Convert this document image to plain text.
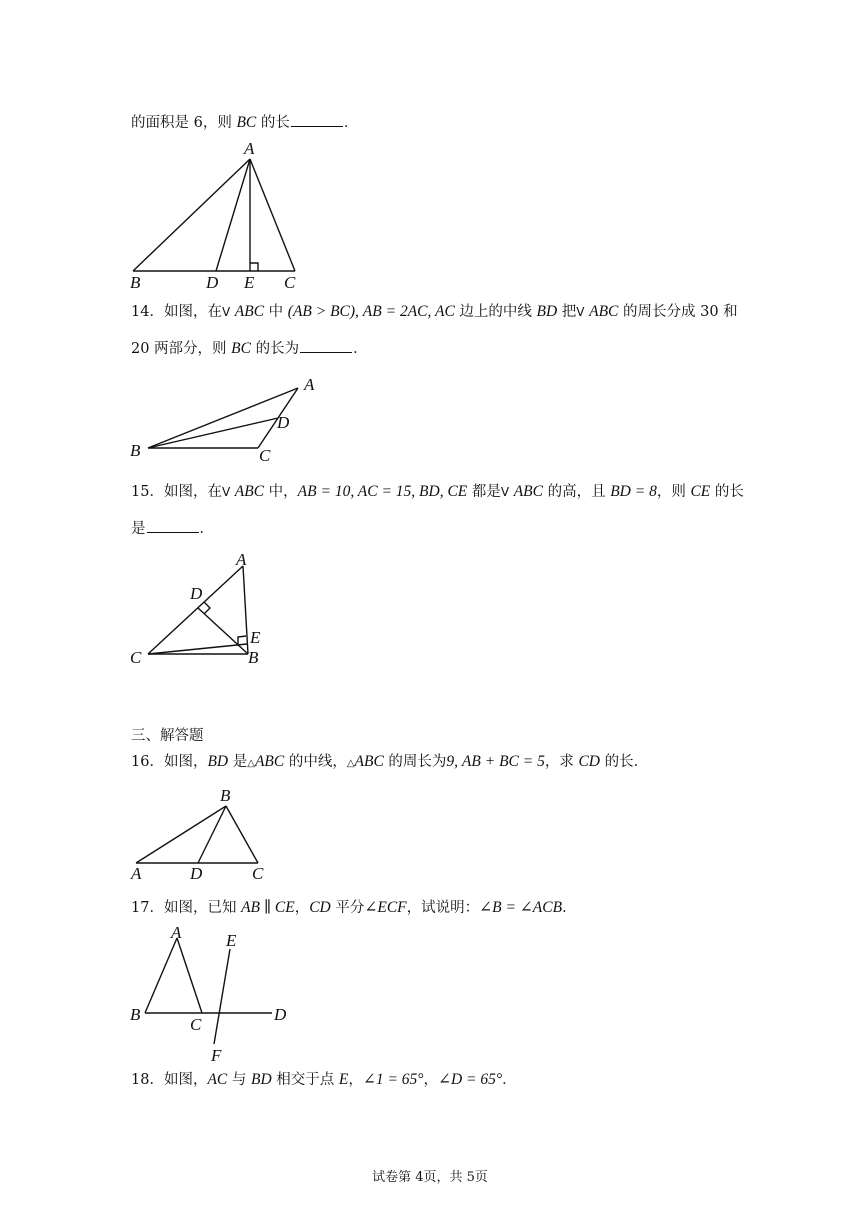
的面积是 6，则 BC 的长	．
A
B	D E C
14．如图，在V ABC 中 (AB > BC), AB = 2AC, AC 边上的中线 BD 把V ABC 的周长分成 30 和
20 两部分，则 BC 的长为	．
A
D
B	C
15．如图，在V ABC 中，AB = 10, AC = 15, BD, CE 都是V ABC 的高，且 BD = 8，则 CE 的长
是	．
A
D
E
C	B
三、解答题
16．如图，BD 是△ABC 的中线，△ABC 的周长为9, AB + BC = 5，求 CD 的长．
B
A	D	C
17．如图，已知 AB ∥ CE，CD 平分∠ECF，试说明：∠B = ∠ACB．
A	E
B
C
D
F
18．如图，AC 与 BD 相交于点 E，∠1 = 65°，∠D = 65°．
试卷第 4页，共 5页
